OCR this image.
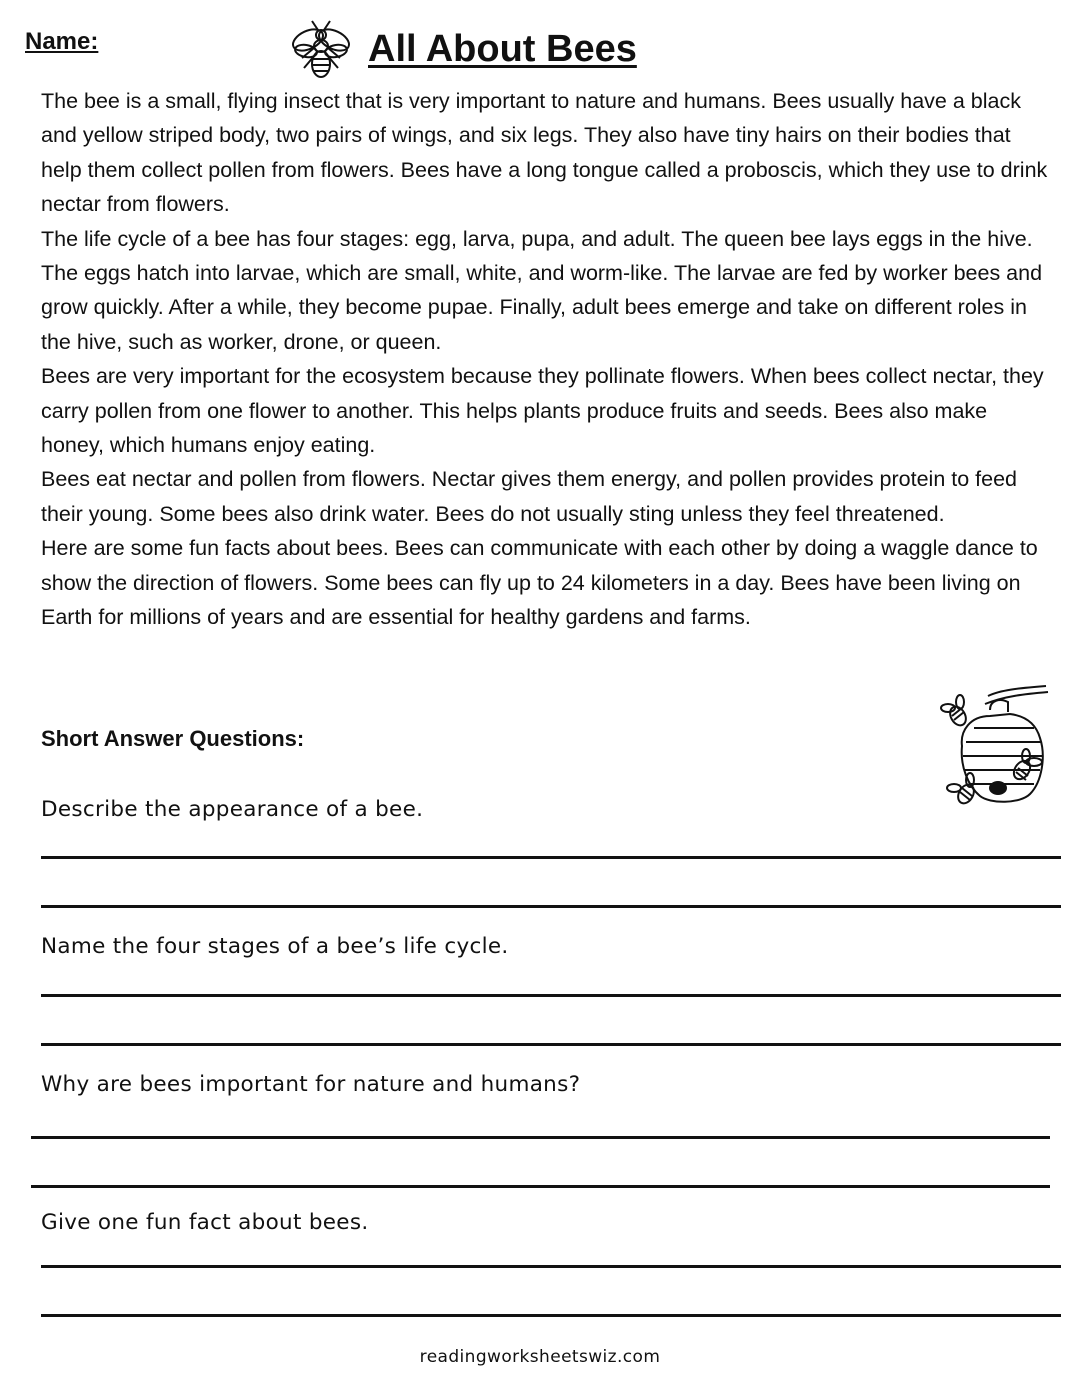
Name:	All About Bees

The bee is a small, flying insect that is very important to nature and humans. Bees usually have a black and yellow striped body, two pairs of wings, and six legs. They also have tiny hairs on their bodies that help them collect pollen from flowers. Bees have a long tongue called a proboscis, which they use to drink nectar from flowers.

The life cycle of a bee has four stages: egg, larva, pupa, and adult. The queen bee lays eggs in the hive. The eggs hatch into larvae, which are small, white, and worm-like. The larvae are fed by worker bees and grow quickly. After a while, they become pupae. Finally, adult bees emerge and take on different roles in the hive, such as worker, drone, or queen.

Bees are very important for the ecosystem because they pollinate flowers. When bees collect nectar, they carry pollen from one flower to another. This helps plants produce fruits and seeds. Bees also make honey, which humans enjoy eating.

Bees eat nectar and pollen from flowers. Nectar gives them energy, and pollen provides protein to feed their young. Some bees also drink water. Bees do not usually sting unless they feel threatened.

Here are some fun facts about bees. Bees can communicate with each other by doing a waggle dance to show the direction of flowers. Some bees can fly up to 24 kilometers in a day. Bees have been living on Earth for millions of years and are essential for healthy gardens and farms.

Short Answer Questions:
Describe the appearance of a bee.
Name the four stages of a bee’s life cycle.
Why are bees important for nature and humans?
Give one fun fact about bees.
readingworksheetswiz.com
